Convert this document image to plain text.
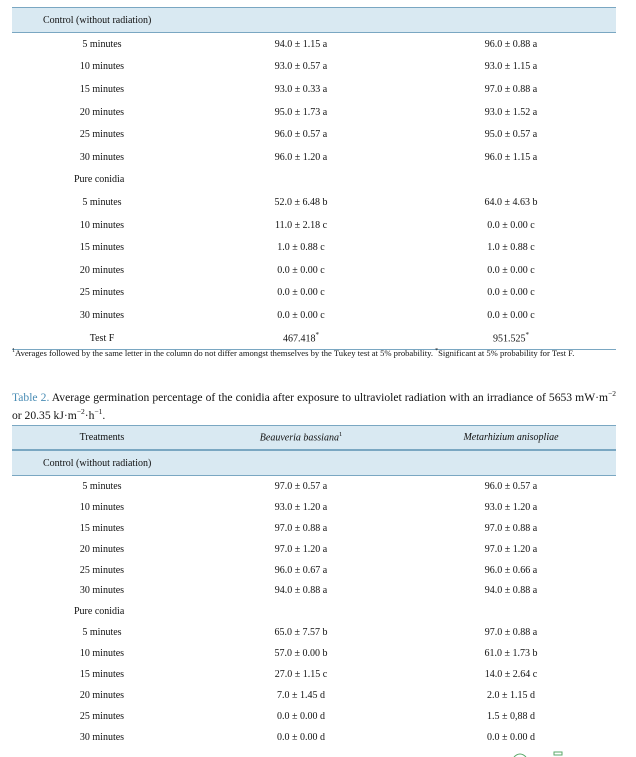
Control (without radiation)
5 minutes	94.0 ± 1.15 a	96.0 ± 0.88 a
10 minutes	93.0 ± 0.57 a	93.0 ± 1.15 a
15 minutes	93.0 ± 0.33 a	97.0 ± 0.88 a
20 minutes	95.0 ± 1.73 a	93.0 ± 1.52 a
25 minutes	96.0 ± 0.57 a	95.0 ± 0.57 a
30 minutes	96.0 ± 1.20 a	96.0 ± 1.15 a
Pure conidia
5 minutes	52.0 ± 6.48 b	64.0 ± 4.63 b
10 minutes	11.0 ± 2.18 c	0.0 ± 0.00 c
15 minutes	1.0 ± 0.88 c	1.0 ± 0.88 c
20 minutes	0.0 ± 0.00 c	0.0 ± 0.00 c
25 minutes	0.0 ± 0.00 c	0.0 ± 0.00 c
30 minutes	0.0 ± 0.00 c	0.0 ± 0.00 c
Test F	467.418*	951.525*
$^1$Averages followed by the same letter in the column do not differ amongst themselves by the Tukey test at 5% probability. *Significant at 5% probability for Test F.
Table 2. Average germination percentage of the conidia after exposure to ultraviolet radiation with an irradiance of 5653 $mW\cdot m^{-2}$ or 20.35 $kJ\cdot m^{-2}\cdot h^{-1}$.
Treatments	Beauveria bassiana$^1$	Metarhizium anisopliae
Control (without radiation)
5 minutes	97.0 ± 0.57 a	96.0 ± 0.57 a
10 minutes	93.0 ± 1.20 a	93.0 ± 1.20 a
15 minutes	97.0 ± 0.88 a	97.0 ± 0.88 a
20 minutes	97.0 ± 1.20 a	97.0 ± 1.20 a
25 minutes	96.0 ± 0.67 a	96.0 ± 0.66 a
30 minutes	94.0 ± 0.88 a	94.0 ± 0.88 a
Pure conidia
5 minutes	65.0 ± 7.57 b	97.0 ± 0.88 a
10 minutes	57.0 ± 0.00 b	61.0 ± 1.73 b
15 minutes	27.0 ± 1.15 c	14.0 ± 2.64 c
20 minutes	7.0 ± 1.45 d	2.0 ± 1.15 d
25 minutes	0.0 ± 0.00 d	1.5 ± 0,88 d
30 minutes	0.0 ± 0.00 d	0.0 ± 0.00 d
